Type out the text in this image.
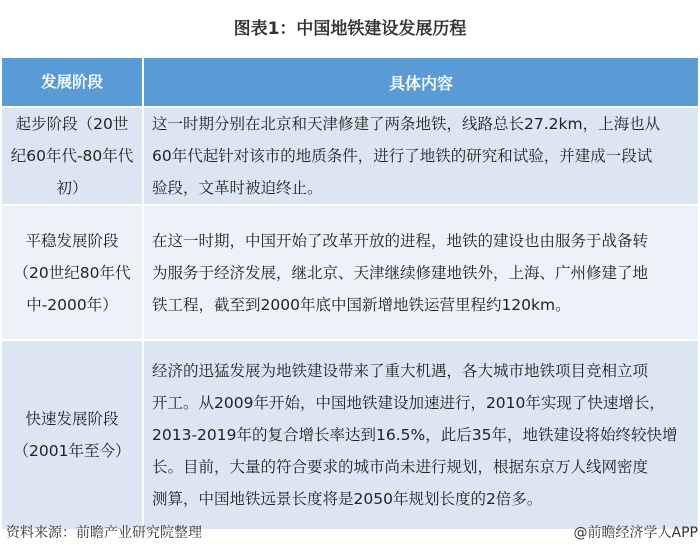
图表1：中国地铁建设发展历程
发展阶段	具体内容

起步阶段（20世
纪60年代-80年代
初）	这一时期分别在北京和天津修建了两条地铁，线路总长27.2km，上海也从
60年代起针对该市的地质条件，进行了地铁的研究和试验，并建成一段试
验段，文革时被迫终止。

平稳发展阶段
（20世纪80年代
中-2000年）	在这一时期，中国开始了改革开放的进程，地铁的建设也由服务于战备转
为服务于经济发展，继北京、天津继续修建地铁外，上海、广州修建了地
铁工程，截至到2000年底中国新增地铁运营里程约120km。

快速发展阶段
（2001年至今）	经济的迅猛发展为地铁建设带来了重大机遇，各大城市地铁项目竞相立项
开工。从2009年开始，中国地铁建设加速进行，2010年实现了快速增长，
2013-2019年的复合增长率达到16.5%，此后35年，地铁建设将始终较快增
长。目前，大量的符合要求的城市尚未进行规划，根据东京万人线网密度
测算，中国地铁远景长度将是2050年规划长度的2倍多。
资料来源：前瞻产业研究院整理	@前瞻经济学人APP
